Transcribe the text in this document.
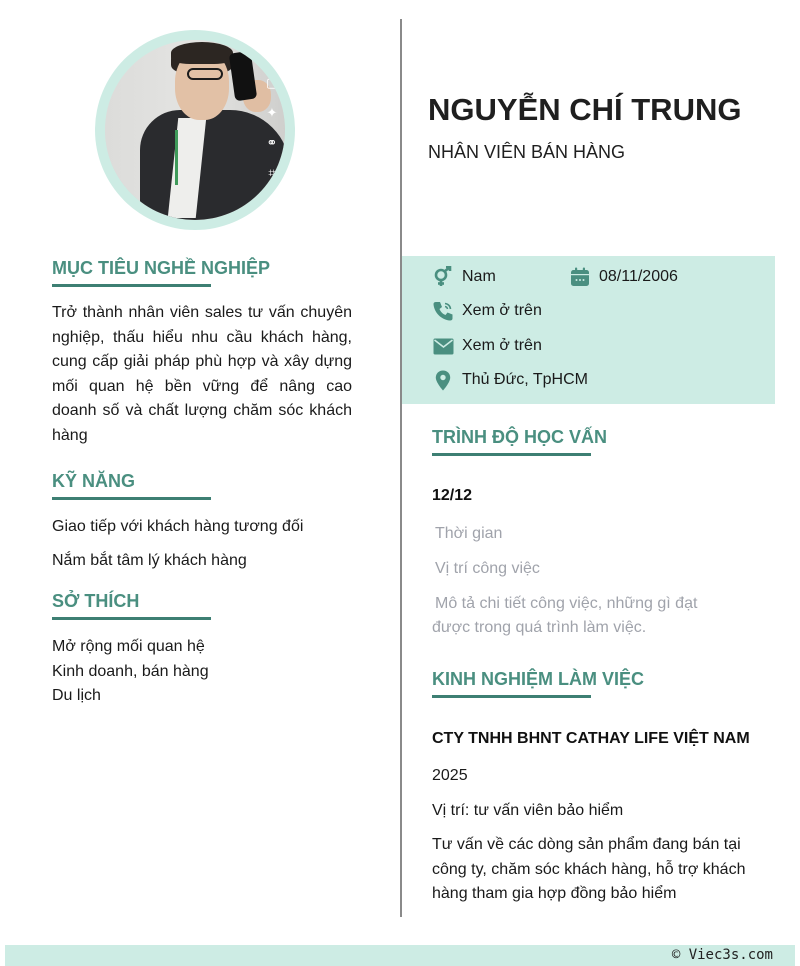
▢
✦
⚭
⌗
MỤC TIÊU NGHỀ NGHIỆP
Trở thành nhân viên sales tư vấn chuyên nghiệp, thấu hiểu nhu cầu khách hàng, cung cấp giải pháp phù hợp và xây dựng mối quan hệ bền vững để nâng cao doanh số và chất lượng chăm sóc khách hàng
KỸ NĂNG
Giao tiếp với khách hàng tương đối
Nắm bắt tâm lý khách hàng
SỞ THÍCH
Mở rộng mối quan hệ
Kinh doanh, bán hàng
Du lịch
NGUYỄN CHÍ TRUNG
NHÂN VIÊN BÁN HÀNG
Nam	08/11/2006
Xem ở trên
Xem ở trên
Thủ Đức, TpHCM
TRÌNH ĐỘ HỌC VẤN
12/12
Thời gian
Vị trí công việc
Mô tả chi tiết công việc, những gì đạt được trong quá trình làm việc.
KINH NGHIỆM LÀM VIỆC
CTY TNHH BHNT CATHAY LIFE VIỆT NAM
2025
Vị trí: tư vấn viên bảo hiểm
Tư vấn về các dòng sản phẩm đang bán tại công ty, chăm sóc khách hàng, hỗ trợ khách hàng tham gia hợp đồng bảo hiểm
© Viec3s.com
